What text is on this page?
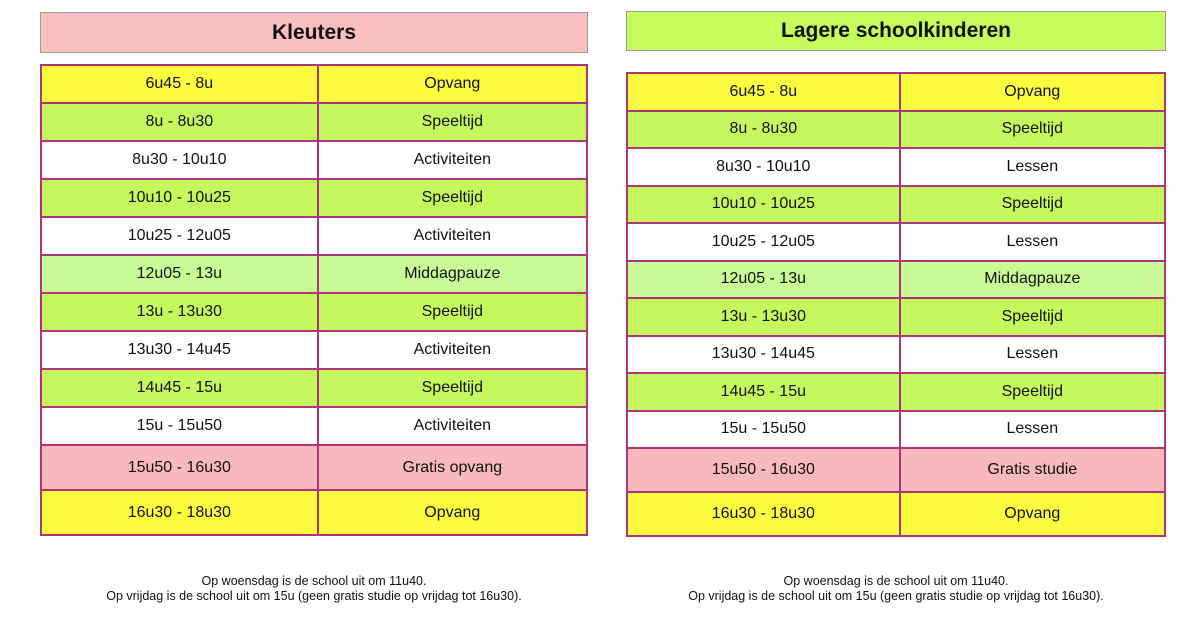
Kleuters
6u45 - 8u	Opvang
8u - 8u30	Speeltijd
8u30 - 10u10	Activiteiten
10u10 - 10u25	Speeltijd
10u25 - 12u05	Activiteiten
12u05 - 13u	Middagpauze
13u - 13u30	Speeltijd
13u30 - 14u45	Activiteiten
14u45 - 15u	Speeltijd
15u - 15u50	Activiteiten
15u50 - 16u30	Gratis opvang
16u30 - 18u30	Opvang
Op woensdag is de school uit om 11u40.
Op vrijdag is de school uit om 15u (geen gratis studie op vrijdag tot 16u30).
Lagere schoolkinderen
6u45 - 8u	Opvang
8u - 8u30	Speeltijd
8u30 - 10u10	Lessen
10u10 - 10u25	Speeltijd
10u25 - 12u05	Lessen
12u05 - 13u	Middagpauze
13u - 13u30	Speeltijd
13u30 - 14u45	Lessen
14u45 - 15u	Speeltijd
15u - 15u50	Lessen
15u50 - 16u30	Gratis studie
16u30 - 18u30	Opvang
Op woensdag is de school uit om 11u40.
Op vrijdag is de school uit om 15u (geen gratis studie op vrijdag tot 16u30).
